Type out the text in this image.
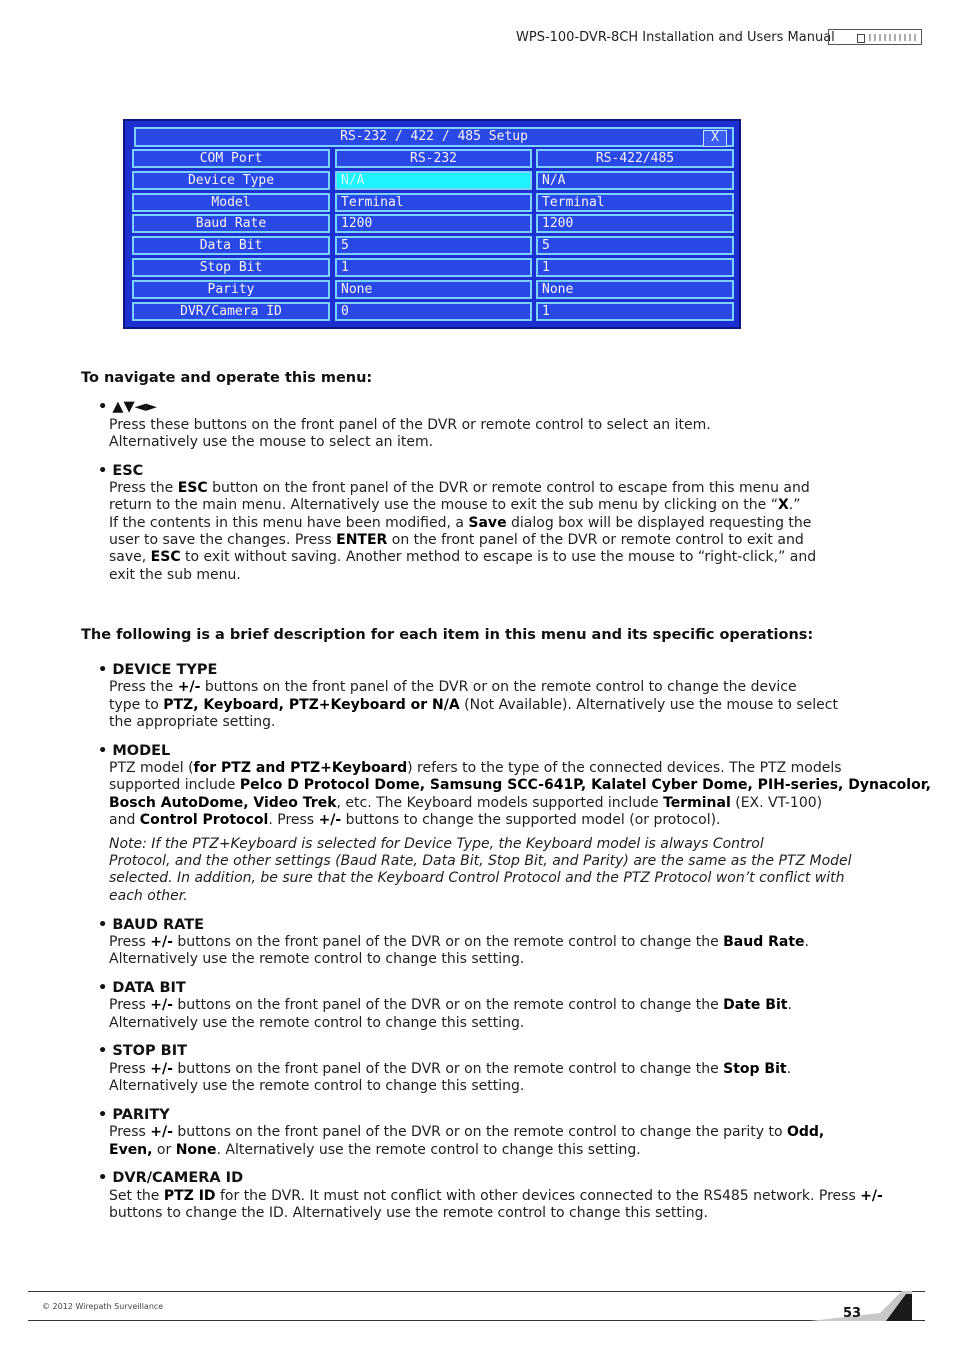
WPS-100-DVR-8CH Installation and Users Manual
RS-232 / 422 / 485 Setup	X
COM Port	RS-232	RS-422/485
Device Type	N/A	N/A
Model	Terminal	Terminal
Baud Rate	1200	1200
Data Bit	5	5
Stop Bit	1	1
Parity	None	None
DVR/Camera ID	0	1
To navigate and operate this menu:
• ▲▼◄►
Press these buttons on the front panel of the DVR or remote control to select an item.
Alternatively use the mouse to select an item.
• ESC
Press the ESC button on the front panel of the DVR or remote control to escape from this menu and
return to the main menu. Alternatively use the mouse to exit the sub menu by clicking on the “X.”
If the contents in this menu have been modified, a Save dialog box will be displayed requesting the
user to save the changes. Press ENTER on the front panel of the DVR or remote control to exit and
save, ESC to exit without saving. Another method to escape is to use the mouse to “right-click,” and
exit the sub menu.
The following is a brief description for each item in this menu and its specific operations:
• DEVICE TYPE
Press the +/- buttons on the front panel of the DVR or on the remote control to change the device
type to PTZ, Keyboard, PTZ+Keyboard or N/A (Not Available). Alternatively use the mouse to select
the appropriate setting.
• MODEL
PTZ model (for PTZ and PTZ+Keyboard) refers to the type of the connected devices. The PTZ models
supported include Pelco D Protocol Dome, Samsung SCC-641P, Kalatel Cyber Dome, PIH-series, Dynacolor,
Bosch AutoDome, Video Trek, etc. The Keyboard models supported include Terminal (EX. VT-100)
and Control Protocol. Press +/- buttons to change the supported model (or protocol).
Note: If the PTZ+Keyboard is selected for Device Type, the Keyboard model is always Control
Protocol, and the other settings (Baud Rate, Data Bit, Stop Bit, and Parity) are the same as the PTZ Model
selected. In addition, be sure that the Keyboard Control Protocol and the PTZ Protocol won’t conflict with
each other.
• BAUD RATE
Press +/- buttons on the front panel of the DVR or on the remote control to change the Baud Rate.
Alternatively use the remote control to change this setting.
• DATA BIT
Press +/- buttons on the front panel of the DVR or on the remote control to change the Date Bit.
Alternatively use the remote control to change this setting.
• STOP BIT
Press +/- buttons on the front panel of the DVR or on the remote control to change the Stop Bit.
Alternatively use the remote control to change this setting.
• PARITY
Press +/- buttons on the front panel of the DVR or on the remote control to change the parity to Odd,
Even, or None. Alternatively use the remote control to change this setting.
• DVR/CAMERA ID
Set the PTZ ID for the DVR. It must not conflict with other devices connected to the RS485 network. Press +/-
buttons to change the ID. Alternatively use the remote control to change this setting.
© 2012 Wirepath Surveillance	53
